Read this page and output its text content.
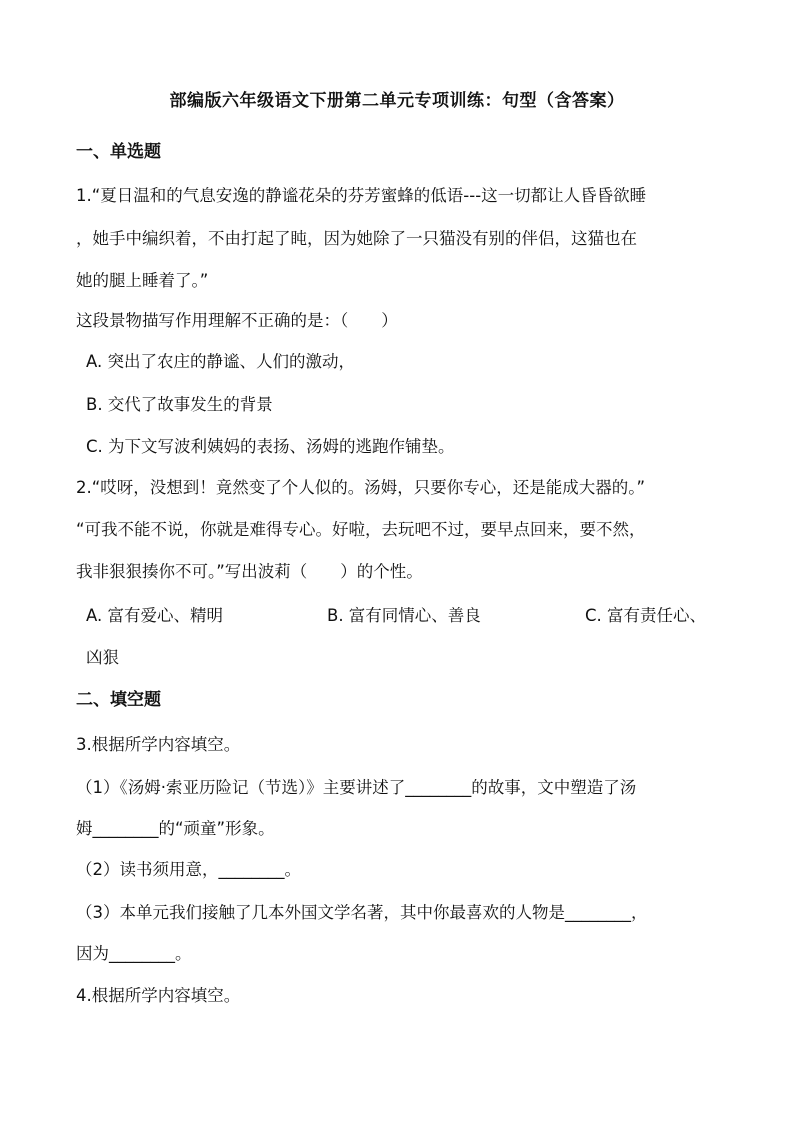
部编版六年级语文下册第二单元专项训练：句型（含答案）
一、单选题
1.“夏日温和的气息安逸的静谧花朵的芬芳蜜蜂的低语---这一切都让人昏昏欲睡
，她手中编织着，不由打起了盹，因为她除了一只猫没有别的伴侣，这猫也在
她的腿上睡着了。”
这段景物描写作用理解不正确的是：（　　）
A. 突出了农庄的静谧、人们的激动，
B. 交代了故事发生的背景
C. 为下文写波利姨妈的表扬、汤姆的逃跑作铺垫。
2.“哎呀，没想到！竟然变了个人似的。汤姆，只要你专心，还是能成大器的。”
“可我不能不说，你就是难得专心。好啦，去玩吧不过，要早点回来，要不然，
我非狠狠揍你不可。”写出波莉（　　）的个性。
A. 富有爱心、精明	B. 富有同情心、善良	C. 富有责任心、
凶狠
二、填空题
3.根据所学内容填空。
（1）《汤姆·索亚历险记（节选）》主要讲述了________的故事，文中塑造了汤
姆________的“顽童”形象。
（2）读书须用意，________。
（3）本单元我们接触了几本外国文学名著，其中你最喜欢的人物是________，
因为________。
4.根据所学内容填空。
